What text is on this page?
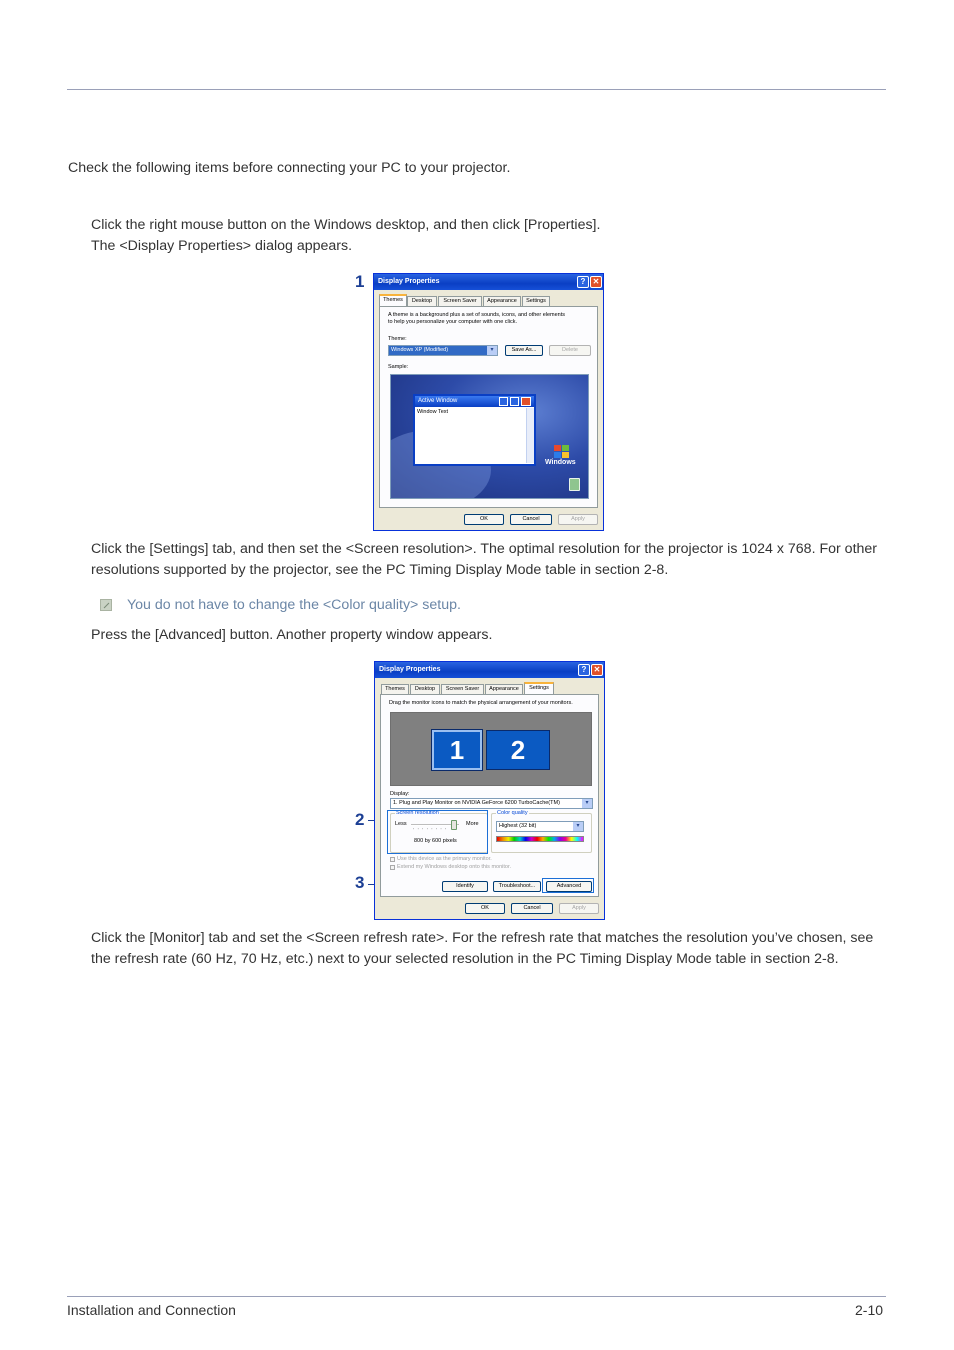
Check the following items before connecting your PC to your projector.
Click the right mouse button on the Windows desktop, and then click [Properties].
The <Display Properties> dialog appears.
1	Display Properties	? ✕
Themes	Desktop	Screen Saver	Appearance	Settings
A theme is a background plus a set of sounds, icons, and other elements
to help you personalize your computer with one click.
Theme:
Windows XP (Modified)	▾	Save As...	Delete
Sample:
Active Window
Window Text
Windows
OK	Cancel	Apply
Click the [Settings] tab, and then set the <Screen resolution>. The optimal resolution for the projector is 1024 x 768. For other
resolutions supported by the projector, see the PC Timing Display Mode table in section 2-8.
You do not have to change the <Color quality> setup.
Press the [Advanced] button. Another property window appears.
2
3
Display Properties	? ✕
Themes	Desktop	Screen Saver	Appearance	Settings
Drag the monitor icons to match the physical arrangement of your monitors.
1	2
Display:
1. Plug and Play Monitor on NVIDIA GeForce 6200 TurboCache(TM)	▾
Screen resolution
Less	More
' ' ' ' ' ' ' '
800 by 600 pixels
Color quality
Highest (32 bit)	▾
Use this device as the primary monitor.
Extend my Windows desktop onto this monitor.
Identify	Troubleshoot...	Advanced
OK	Cancel	Apply
Click the [Monitor] tab and set the <Screen refresh rate>. For the refresh rate that matches the resolution you’ve chosen, see
the refresh rate (60 Hz, 70 Hz, etc.) next to your selected resolution in the PC Timing Display Mode table in section 2-8.
Installation and Connection	2-10
